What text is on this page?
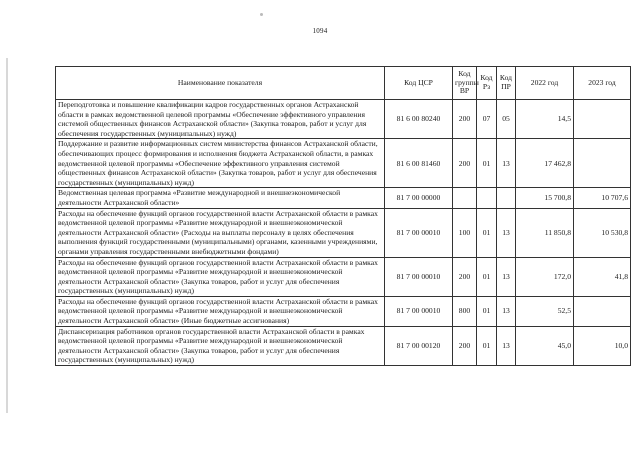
1094
Наименование показателя	Код ЦСР	Код группы ВР	Код Рз	Код ПР	2022 год	2023 год
Переподготовка и повышение квалификации кадров государственных органов Астраханской области в рамках ведомственной целевой программы «Обеспечение эффективного управления системой общественных финансов Астраханской области» (Закупка товаров, работ и услуг для обеспечения государственных (муниципальных) нужд)	81 6 00 80240	200	07	05	14,5	
Поддержание и развитие информационных систем министерства финансов Астраханской области, обеспечивающих процесс формирования и исполнения бюджета Астраханской области, в рамках ведомственной целевой программы «Обеспечение эффективного управления системой общественных финансов Астраханской области» (Закупка товаров, работ и услуг для обеспечения государственных (муниципальных) нужд)	81 6 00 81460	200	01	13	17 462,8	
Ведомственная целевая программа «Развитие международной и внешнеэкономической деятельности Астраханской области»	81 7 00 00000				15 700,8	10 707,6
Расходы на обеспечение функций органов государственной власти Астраханской области в рамках ведомственной целевой программы «Развитие международной и внешнеэкономической деятельности Астраханской области» (Расходы на выплаты персоналу в целях обеспечения выполнения функций государственными (муниципальными) органами, казенными учреждениями, органами управления государственными внебюджетными фондами)	81 7 00 00010	100	01	13	11 850,8	10 530,8
Расходы на обеспечение функций органов государственной власти Астраханской области в рамках ведомственной целевой программы «Развитие международной и внешнеэкономической деятельности Астраханской области» (Закупка товаров, работ и услуг для обеспечения государственных (муниципальных) нужд)	81 7 00 00010	200	01	13	172,0	41,8
Расходы на обеспечение функций органов государственной власти Астраханской области в рамках ведомственной целевой программы «Развитие международной и внешнеэкономической деятельности Астраханской области» (Иные бюджетные ассигнования)	81 7 00 00010	800	01	13	52,5	
Диспансеризация работников органов государственной власти Астраханской области в рамках ведомственной целевой программы «Развитие международной и внешнеэкономической деятельности Астраханской области» (Закупка товаров, работ и услуг для обеспечения государственных (муниципальных) нужд)	81 7 00 00120	200	01	13	45,0	10,0
